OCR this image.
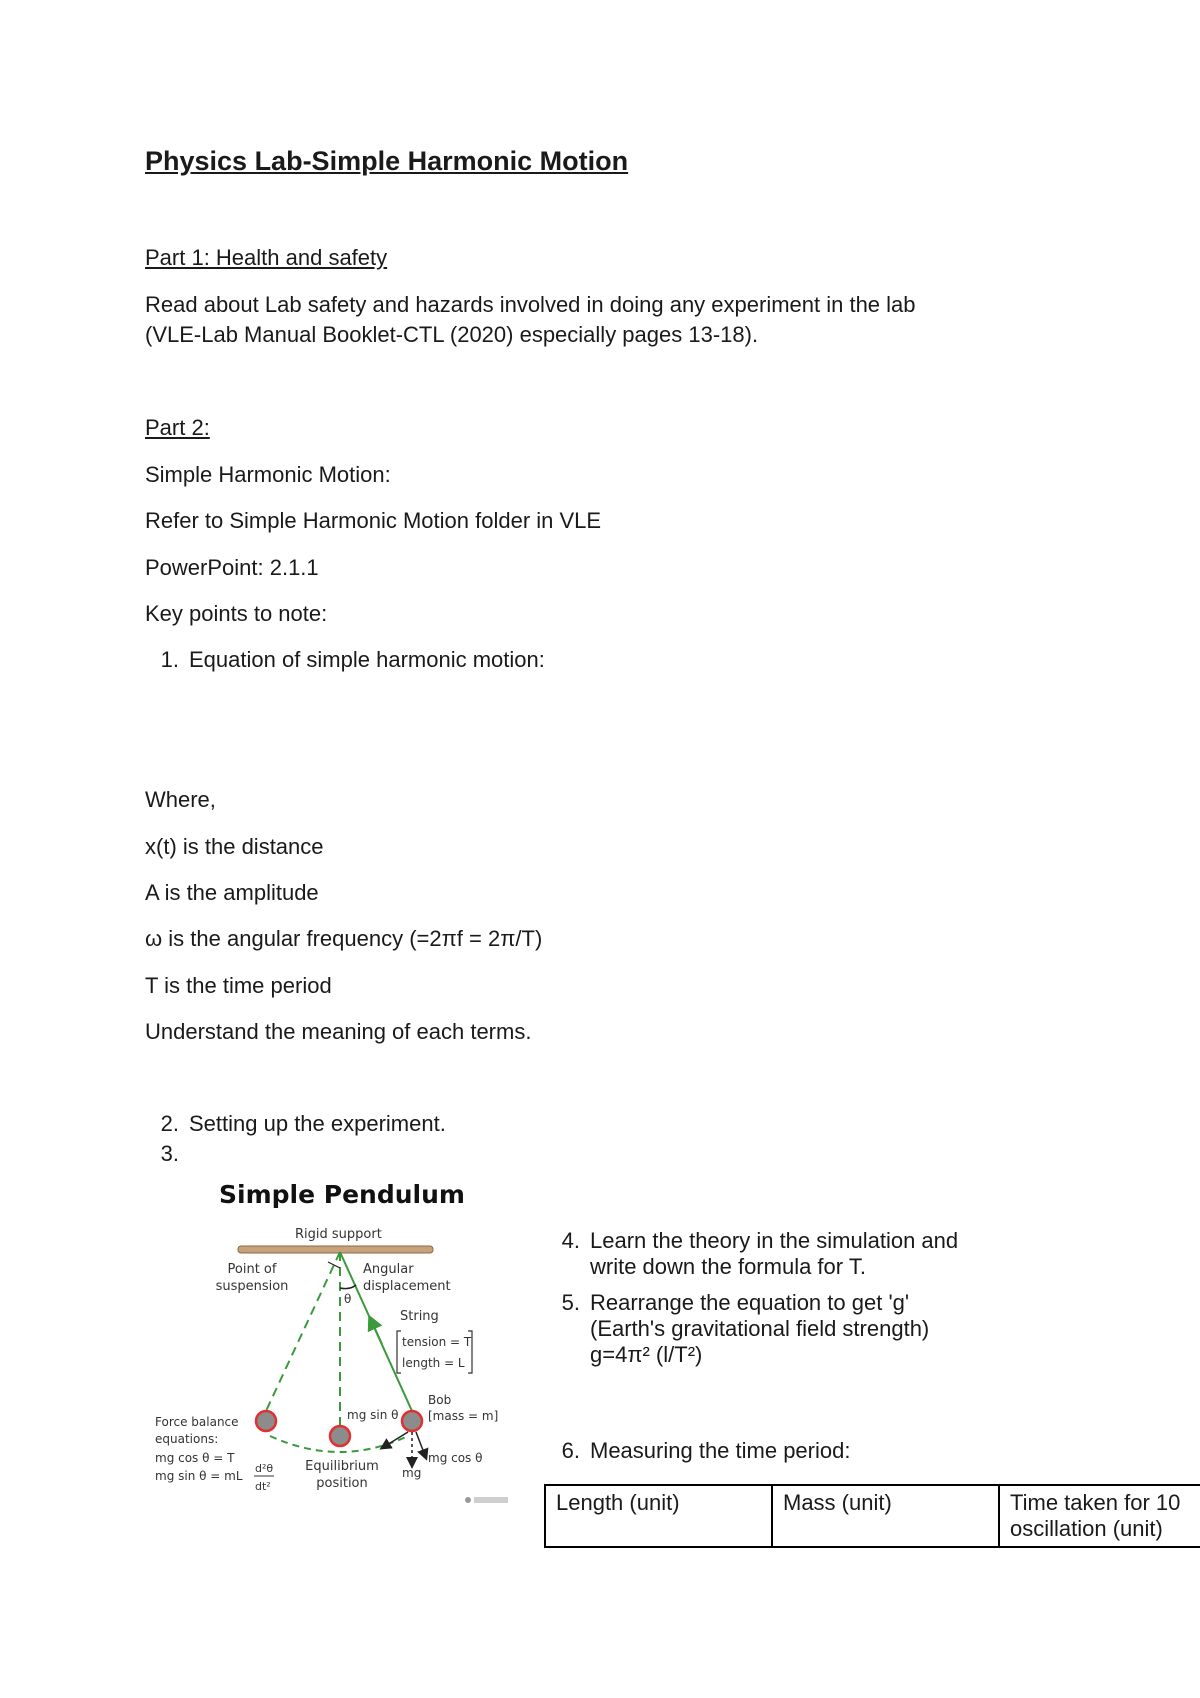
Physics Lab-Simple Harmonic Motion
Part 1: Health and safety
Read about Lab safety and hazards involved in doing any experiment in the lab
(VLE-Lab Manual Booklet-CTL (2020) especially pages 13-18).
Part 2:
Simple Harmonic Motion:
Refer to Simple Harmonic Motion folder in VLE
PowerPoint: 2.1.1
Key points to note:
1. Equation of simple harmonic motion:
Where,
x(t) is the distance
A is the amplitude
ω is the angular frequency (=2πf = 2π/T)
T is the time period
Understand the meaning of each terms.
2. Setting up the experiment.
3.
4. Learn the theory in the simulation and
write down the formula for T.
5. Rearrange the equation to get 'g'
(Earth's gravitational field strength)
g=4π² (l/T²)
6. Measuring the time period:
Simple Pendulum
Rigid support
Point of
suspension
Angular
displacement
θ
String
tension = T
length = L
Bob
[mass = m]
mg sin θ
mg cos θ
mg
Force balance
equations:
mg cos θ = T
mg sin θ = mL
d²θ
dt²
Equilibrium
position
Length (unit)	Mass (unit)	Time taken for 10 oscillation (unit)
